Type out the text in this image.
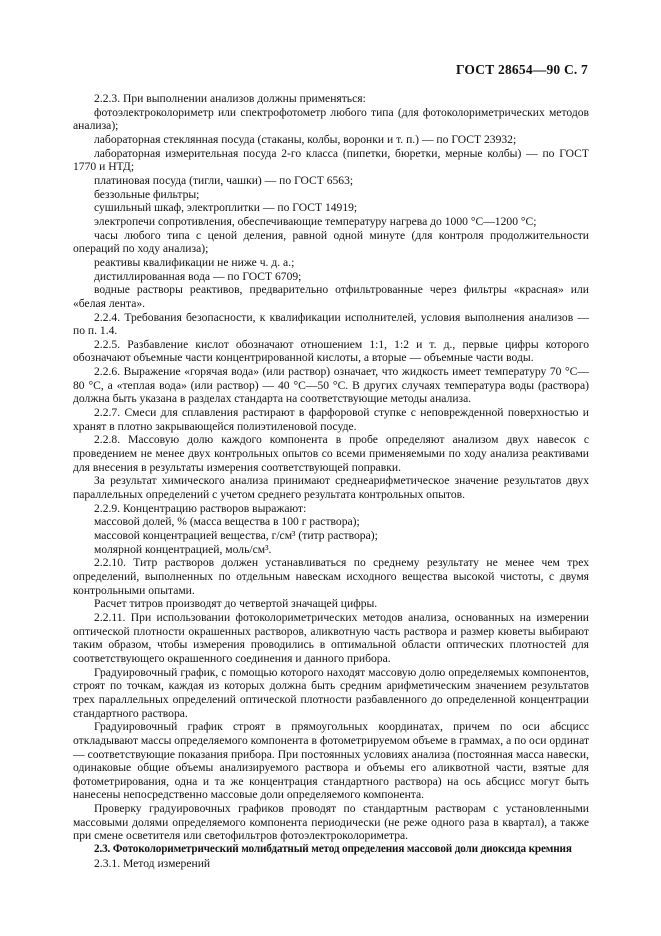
ГОСТ 28654—90 С. 7

2.2.3. При выполнении анализов должны применяться:

фотоэлектроколориметр или спектрофотометр любого типа (для фотоколориметрических методов анализа);

лабораторная стеклянная посуда (стаканы, колбы, воронки и т. п.) — по ГОСТ 23932;

лабораторная измерительная посуда 2-го класса (пипетки, бюретки, мерные колбы) — по ГОСТ 1770 и НТД;

платиновая посуда (тигли, чашки) — по ГОСТ 6563;

беззольные фильтры;

сушильный шкаф, электроплитки — по ГОСТ 14919;

электропечи сопротивления, обеспечивающие температуру нагрева до 1000 °С—1200 °С;

часы любого типа с ценой деления, равной одной минуте (для контроля продолжительности операций по ходу анализа);

реактивы квалификации не ниже ч. д. а.;

дистиллированная вода — по ГОСТ 6709;

водные растворы реактивов, предварительно отфильтрованные через фильтры «красная» или «белая лента».

2.2.4. Требования безопасности, к квалификации исполнителей, условия выполнения анализов — по п. 1.4.

2.2.5. Разбавление кислот обозначают отношением 1:1, 1:2 и т. д., первые цифры которого обозначают объемные части концентрированной кислоты, а вторые — объемные части воды.

2.2.6. Выражение «горячая вода» (или раствор) означает, что жидкость имеет температуру 70 °С—80 °С, а «теплая вода» (или раствор) — 40 °С—50 °С. В других случаях температура воды (раствора) должна быть указана в разделах стандарта на соответствующие методы анализа.

2.2.7. Смеси для сплавления растирают в фарфоровой ступке с неповрежденной поверхностью и хранят в плотно закрывающейся полиэтиленовой посуде.

2.2.8. Массовую долю каждого компонента в пробе определяют анализом двух навесок с проведением не менее двух контрольных опытов со всеми применяемыми по ходу анализа реактивами для внесения в результаты измерения соответствующей поправки.

За результат химического анализа принимают среднеарифметическое значение результатов двух параллельных определений с учетом среднего результата контрольных опытов.

2.2.9. Концентрацию растворов выражают:

массовой долей, % (масса вещества в 100 г раствора);

массовой концентрацией вещества, г/см³ (титр раствора);

молярной концентрацией, моль/см³.

2.2.10. Титр растворов должен устанавливаться по среднему результату не менее чем трех определений, выполненных по отдельным навескам исходного вещества высокой чистоты, с двумя контрольными опытами.

Расчет титров производят до четвертой значащей цифры.

2.2.11. При использовании фотоколориметрических методов анализа, основанных на измерении оптической плотности окрашенных растворов, аликвотную часть раствора и размер кюветы выбирают таким образом, чтобы измерения проводились в оптимальной области оптических плотностей для соответствующего окрашенного соединения и данного прибора.

Градуировочный график, с помощью которого находят массовую долю определяемых компонентов, строят по точкам, каждая из которых должна быть средним арифметическим значением результатов трех параллельных определений оптической плотности разбавленного до определенной концентрации стандартного раствора.

Градуировочный график строят в прямоугольных координатах, причем по оси абсцисс откладывают массы определяемого компонента в фотометрируемом объеме в граммах, а по оси ординат — соответствующие показания прибора. При постоянных условиях анализа (постоянная масса навески, одинаковые общие объемы анализируемого раствора и объемы его аликвотной части, взятые для фотометрирования, одна и та же концентрация стандартного раствора) на ось абсцисс могут быть нанесены непосредственно массовые доли определяемого компонента.

Проверку градуировочных графиков проводят по стандартным растворам с установленными массовыми долями определяемого компонента периодически (не реже одного раза в квартал), а также при смене осветителя или светофильтров фотоэлектроколориметра.

2.3. Фотоколориметрический молибдатный метод определения массовой доли диоксида кремния

2.3.1. Метод измерений
